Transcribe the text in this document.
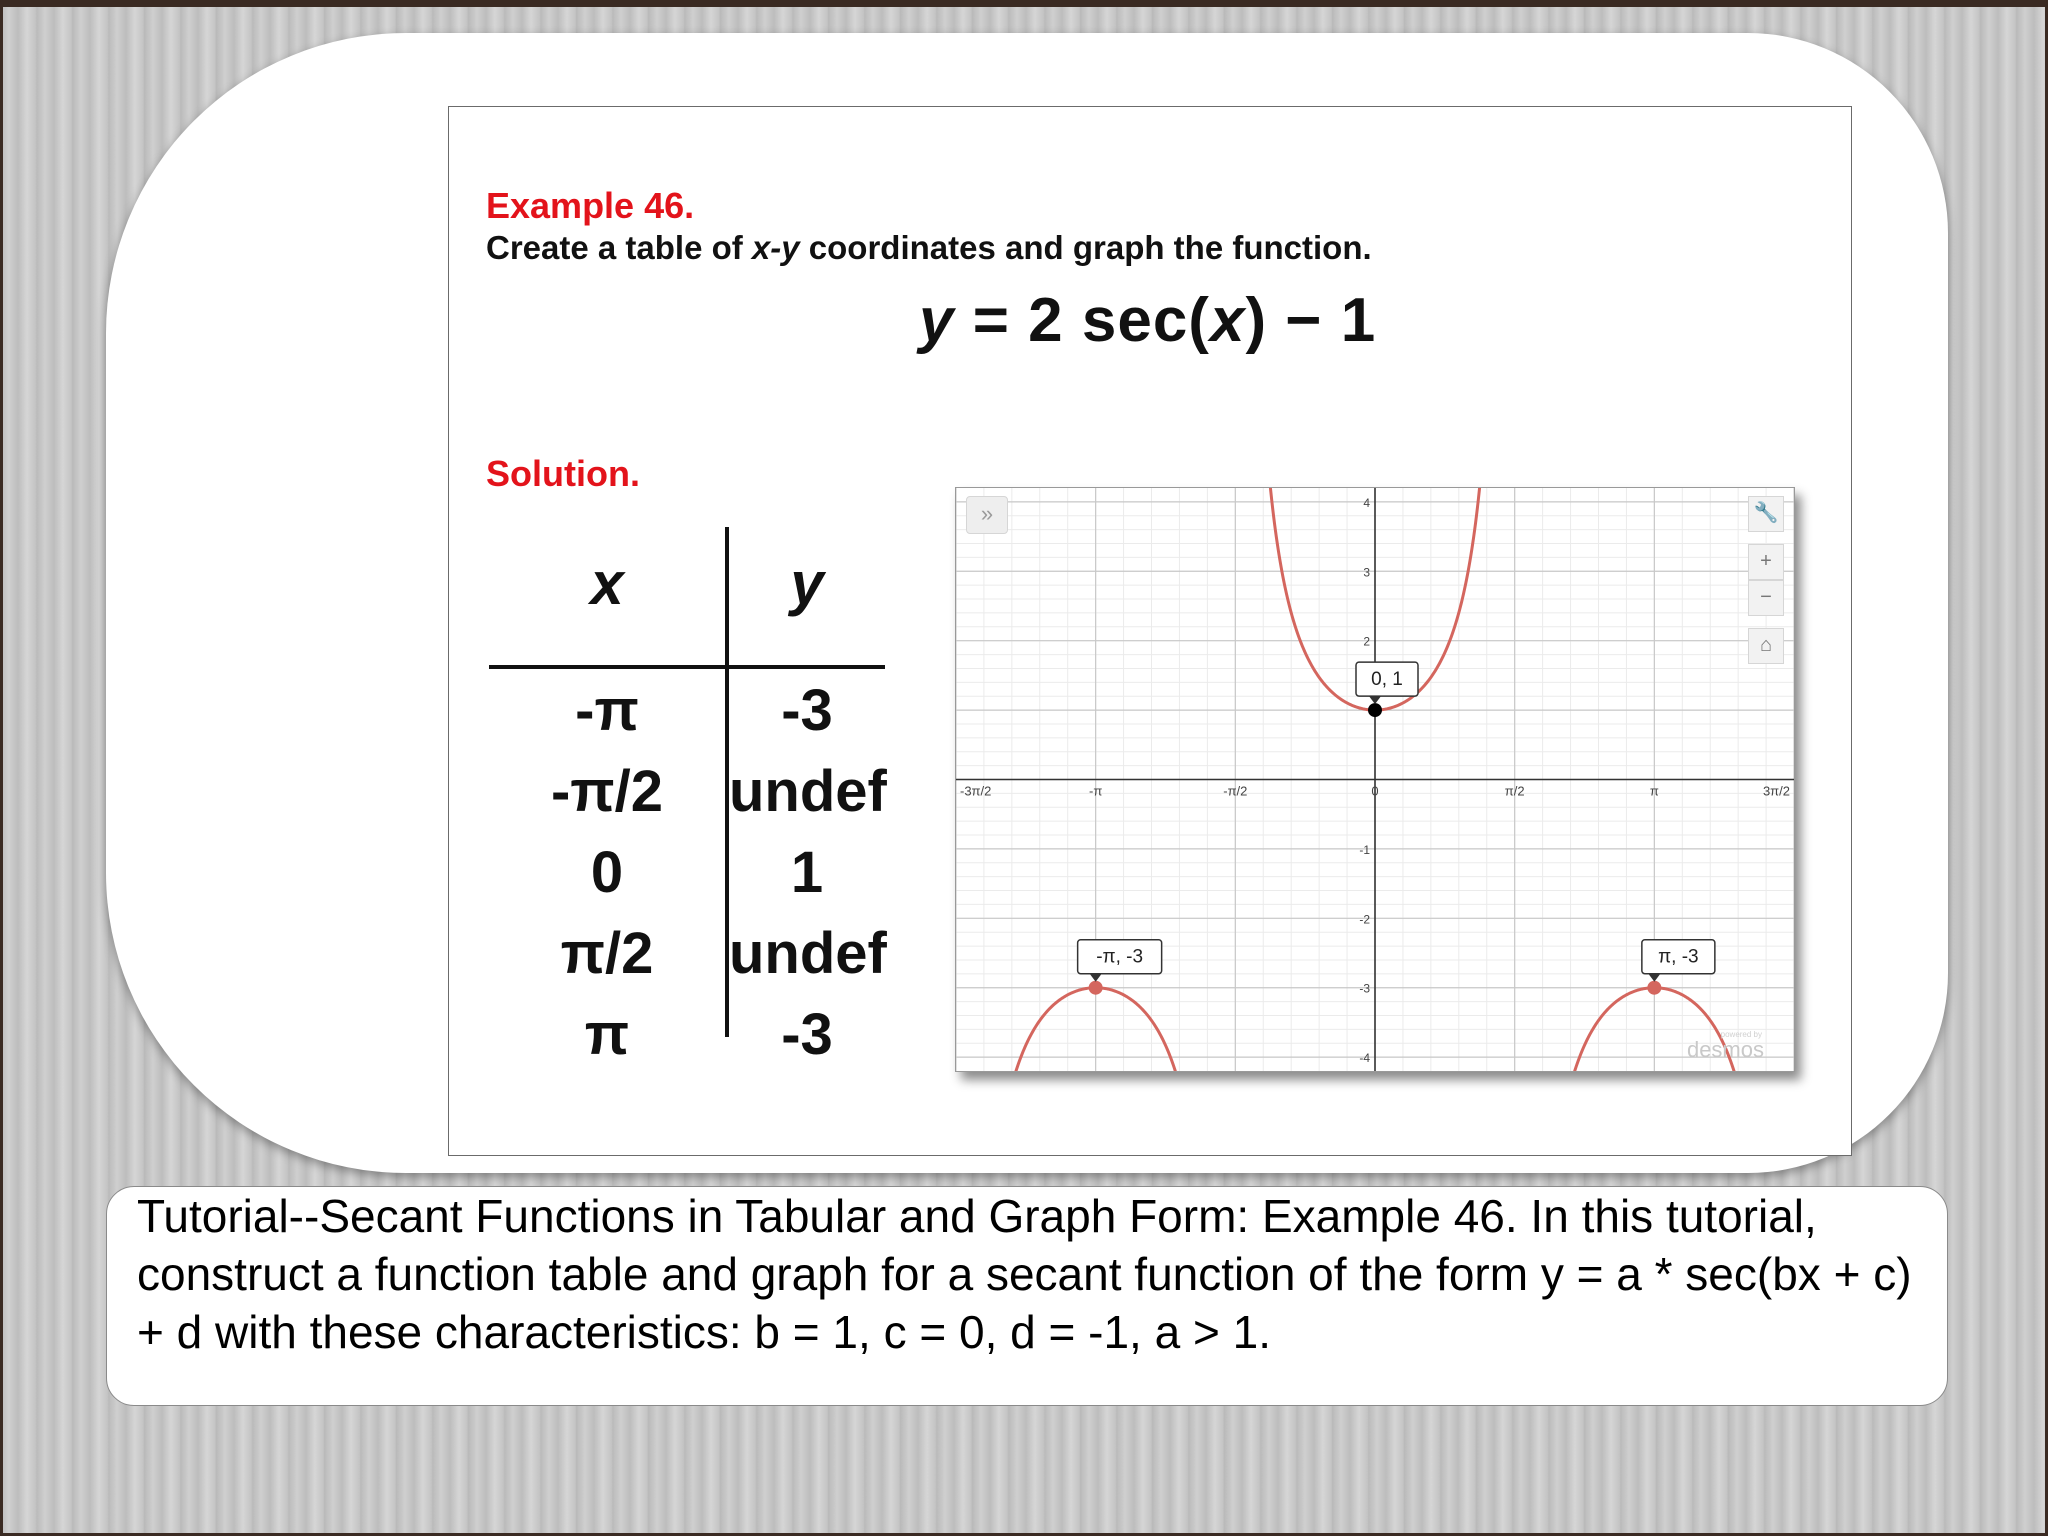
Example 46.
Create a table of x-y coordinates and graph the function.
y = 2 sec(x) − 1
Solution.
x	y
-π	-3
-π/2	undef
0	1
π/2	undef
π	-3
-3π/2	-π	-π/2	0	π/2	π	3π/2
4
3
2
-1
-2
-3
-4
0, 1
-π, -3	π, -3
»	🔧
+
−
⌂
powered by
desmos
Tutorial--Secant Functions in Tabular and Graph Form: Example 46. In this tutorial, construct a function table and graph for a secant function of the form y = a * sec(bx + c) + d with these characteristics: b = 1, c = 0, d = -1, a > 1.
